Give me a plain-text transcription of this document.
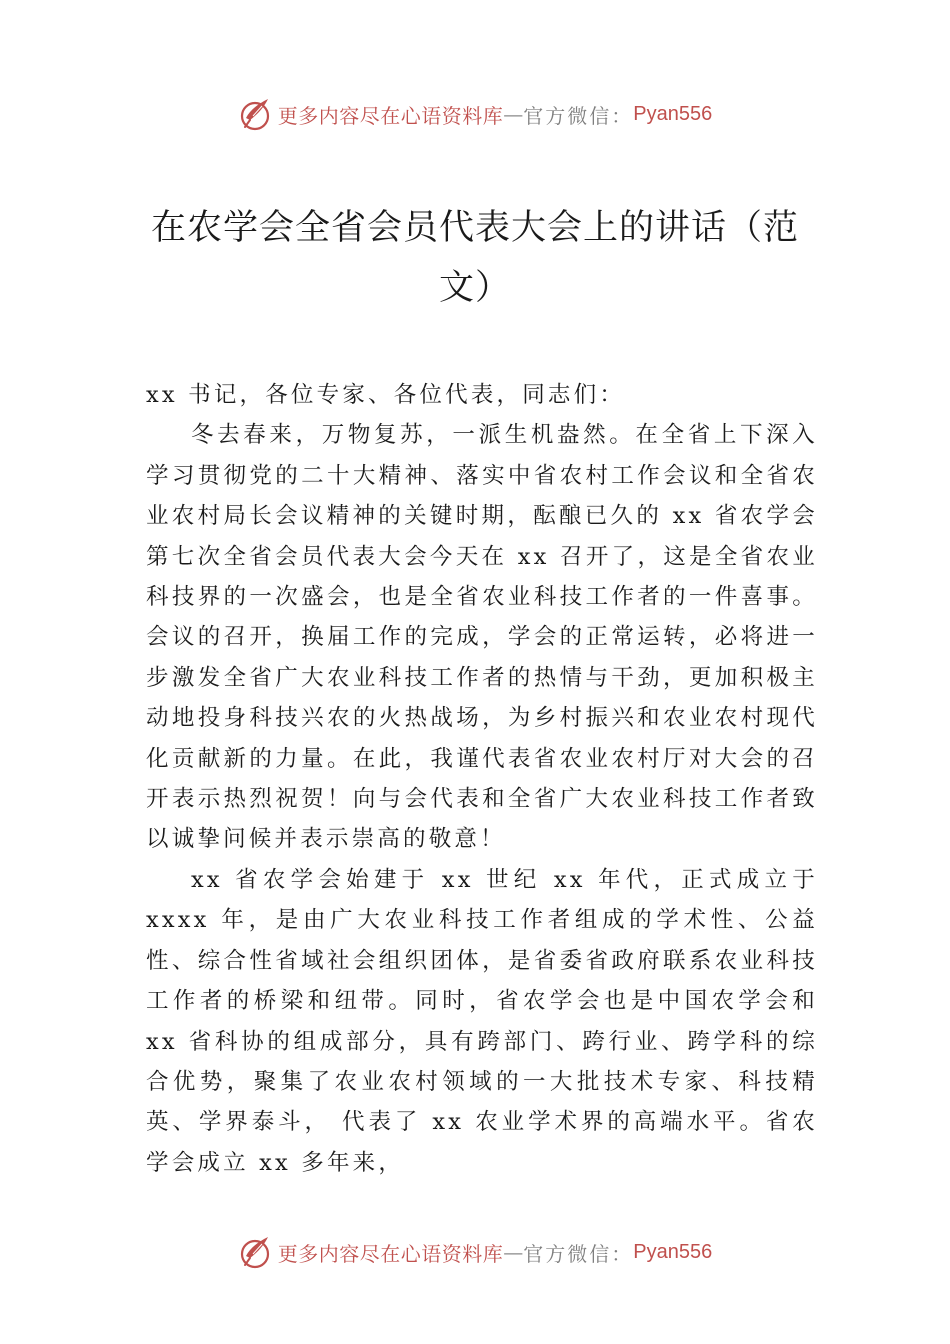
更多内容尽在心语资料库 — 官方微信： Pyan556
在农学会全省会员代表大会上的讲话（范文）

xx 书记，各位专家、各位代表，同志们：

冬去春来，万物复苏，一派生机盎然。在全省上下深入学习贯彻党的二十大精神、落实中省农村工作会议和全省农业农村局长会议精神的关键时期，酝酿已久的 xx 省农学会第七次全省会员代表大会今天在 xx 召开了，这是全省农业科技界的一次盛会，也是全省农业科技工作者的一件喜事。 会议的召开，换届工作的完成，学会的正常运转，必将进一步激发全省广大农业科技工作者的热情与干劲，更加积极主动地投身科技兴农的火热战场，为乡村振兴和农业农村现代化贡献新的力量。在此，我谨代表省农业农村厅对大会的召开表示热烈祝贺！向与会代表和全省广大农业科技工作者致以诚挚问候并表示崇高的敬意！

xx 省农学会始建于 xx 世纪 xx 年代，正式成立于 xxxx 年，是由广大农业科技工作者组成的学术性、公益性、综合性省域社会组织团体，是省委省政府联系农业科技工作者的桥梁和纽带。同时，省农学会也是中国农学会和 xx 省科协的组成部分，具有跨部门、跨行业、跨学科的综合优势，聚集了农业农村领域的一大批技术专家、科技精英、学界泰斗， 代表了 xx 农业学术界的高端水平。省农学会成立 xx 多年来，

更多内容尽在心语资料库 — 官方微信： Pyan556
